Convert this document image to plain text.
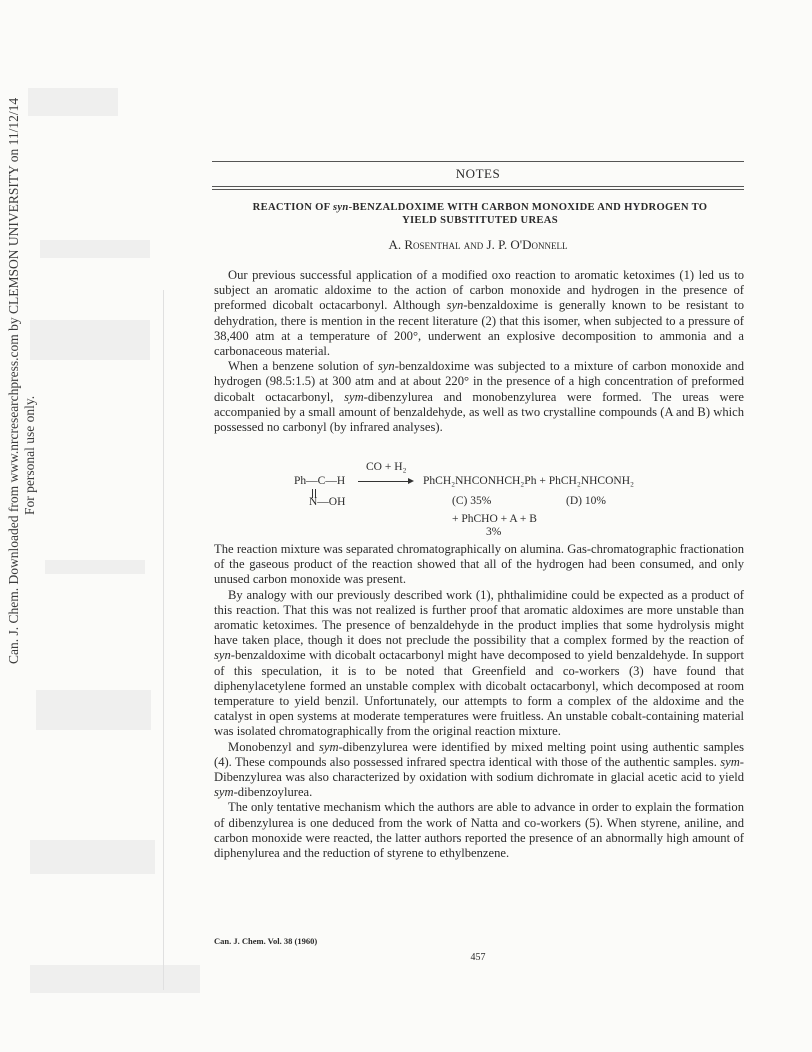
Can. J. Chem. Downloaded from www.nrcresearchpress.com by CLEMSON UNIVERSITY on 11/12/14 For personal use only.
NOTES
REACTION OF syn-BENZALDOXIME WITH CARBON MONOXIDE AND HYDROGEN TO
YIELD SUBSTITUTED UREAS
A. Rosenthal and J. P. O'Donnell

Our previous successful application of a modified oxo reaction to aromatic ketoximes (1) led us to subject an aromatic aldoxime to the action of carbon monoxide and hydrogen in the presence of preformed dicobalt octacarbonyl. Although syn-benzaldoxime is generally known to be resistant to dehydration, there is mention in the recent literature (2) that this isomer, when subjected to a pressure of 38,400 atm at a temperature of 200°, underwent an explosive decomposition to ammonia and a carbonaceous material.

When a benzene solution of syn-benzaldoxime was subjected to a mixture of carbon monoxide and hydrogen (98.5:1.5) at 300 atm and at about 220° in the presence of a high concentration of preformed dicobalt octacarbonyl, sym-dibenzylurea and monobenzylurea were formed. The ureas were accompanied by a small amount of benzaldehyde, as well as two crystalline compounds (A and B) which possessed no carbonyl (by infrared analyses).

Ph—C—H
N—OH
CO + H₂
PhCH₂NHCONHCH₂Ph + PhCH₂NHCONH₂
(C) 35%	(D) 10%
+ PhCHO + A + B
3%

The reaction mixture was separated chromatographically on alumina. Gas-chromatographic fractionation of the gaseous product of the reaction showed that all of the hydrogen had been consumed, and only unused carbon monoxide was present.

By analogy with our previously described work (1), phthalimidine could be expected as a product of this reaction. That this was not realized is further proof that aromatic aldoximes are more unstable than aromatic ketoximes. The presence of benzaldehyde in the product implies that some hydrolysis might have taken place, though it does not preclude the possibility that a complex formed by the reaction of syn-benzaldoxime with dicobalt octacarbonyl might have decomposed to yield benzaldehyde. In support of this speculation, it is to be noted that Greenfield and co-workers (3) have found that diphenylacetylene formed an unstable complex with dicobalt octacarbonyl, which decomposed at room temperature to yield benzil. Unfortunately, our attempts to form a complex of the aldoxime and the catalyst in open systems at moderate temperatures were fruitless. An unstable cobalt-containing material was isolated chromatographically from the original reaction mixture.

Monobenzyl and sym-dibenzylurea were identified by mixed melting point using authentic samples (4). These compounds also possessed infrared spectra identical with those of the authentic samples. sym-Dibenzylurea was also characterized by oxidation with sodium dichromate in glacial acetic acid to yield sym-dibenzoylurea.

The only tentative mechanism which the authors are able to advance in order to explain the formation of dibenzylurea is one deduced from the work of Natta and co-workers (5). When styrene, aniline, and carbon monoxide were reacted, the latter authors reported the presence of an abnormally high amount of diphenylurea and the reduction of styrene to ethylbenzene.

Can. J. Chem. Vol. 38 (1960)
457
